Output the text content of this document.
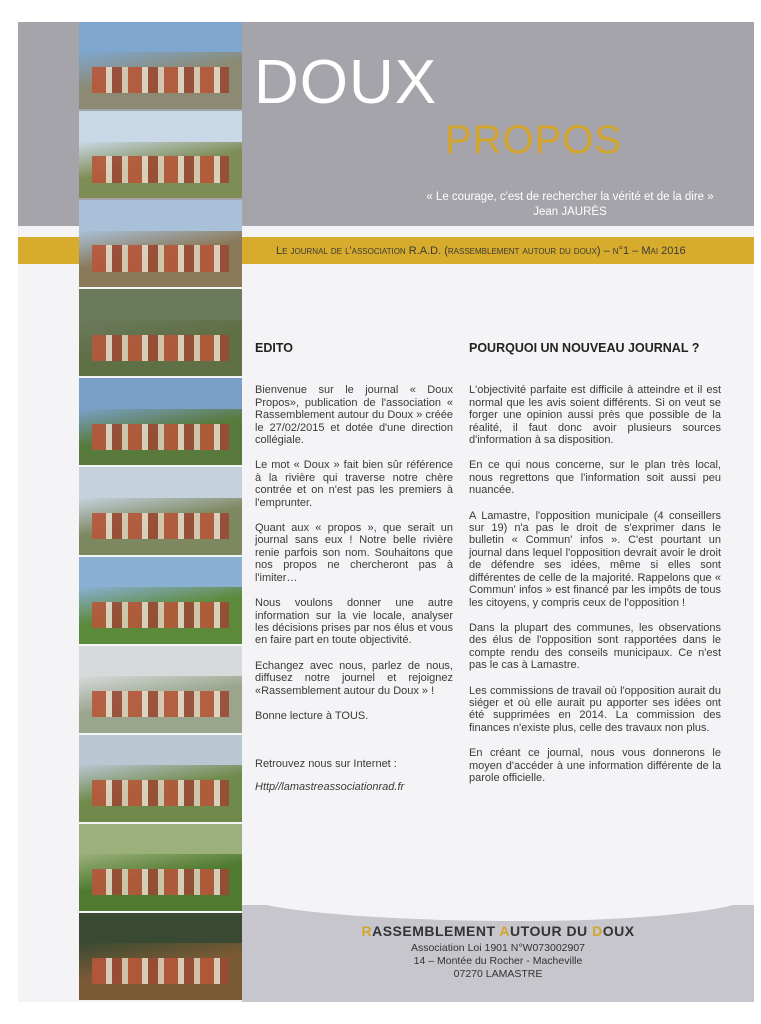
DOUX
PROPOS
« Le courage, c'est de rechercher la vérité et de la dire »
Jean JAURÈS
Le journal de l'association R.A.D. (rassemblement autour du doux) – n°1 – Mai 2016
EDITO

Bienvenue sur le journal « Doux Propos», publication de l'association « Rassemblement autour du Doux » créée le 27/02/2015 et dotée d'une direction collégiale.

Le mot « Doux » fait bien sûr référence à la rivière qui traverse notre chère contrée et on n'est pas les premiers à l'emprunter.

Quant aux « propos », que serait un journal sans eux ! Notre belle rivière renie parfois son nom. Souhaitons que nos propos ne chercheront pas à l'imiter…

Nous voulons donner une autre information sur la vie locale, analyser les décisions prises par nos élus et vous en faire part en toute objectivité.

Echangez avec nous, parlez de nous, diffusez notre journel et rejoignez «Rassemblement autour du Doux » !

Bonne lecture à TOUS.

Retrouvez nous sur Internet :

Http//lamastreassociationrad.fr

POURQUOI UN NOUVEAU JOURNAL ?

L'objectivité parfaite est difficile à atteindre et il est normal que les avis soient différents. Si on veut se forger une opinion aussi près que possible de la réalité, il faut donc avoir plusieurs sources d'information à sa disposition.

En ce qui nous concerne, sur le plan très local, nous regrettons que l'information soit aussi peu nuancée.

A Lamastre, l'opposition municipale (4 conseillers sur 19) n'a pas le droit de s'exprimer dans le bulletin « Commun' infos ». C'est pourtant un journal dans lequel l'opposition devrait avoir le droit de défendre ses idées, même si elles sont différentes de celle de la majorité. Rappelons que « Commun' infos » est financé par les impôts de tous les citoyens, y compris ceux de l'opposition !

Dans la plupart des communes, les observations des élus de l'opposition sont rapportées dans le compte rendu des conseils municipaux. Ce n'est pas le cas à Lamastre.

Les commissions de travail où l'opposition aurait du siéger et où elle aurait pu apporter ses idées ont été supprimées en 2014. La commission des finances n'existe plus, celle des travaux non plus.

En créant ce journal, nous vous donnerons le moyen d'accéder à une information différente de la parole officielle.

RASSEMBLEMENT AUTOUR DU DOUX
Association Loi 1901 N°W073002907
14 – Montée du Rocher - Macheville
07270 LAMASTRE
